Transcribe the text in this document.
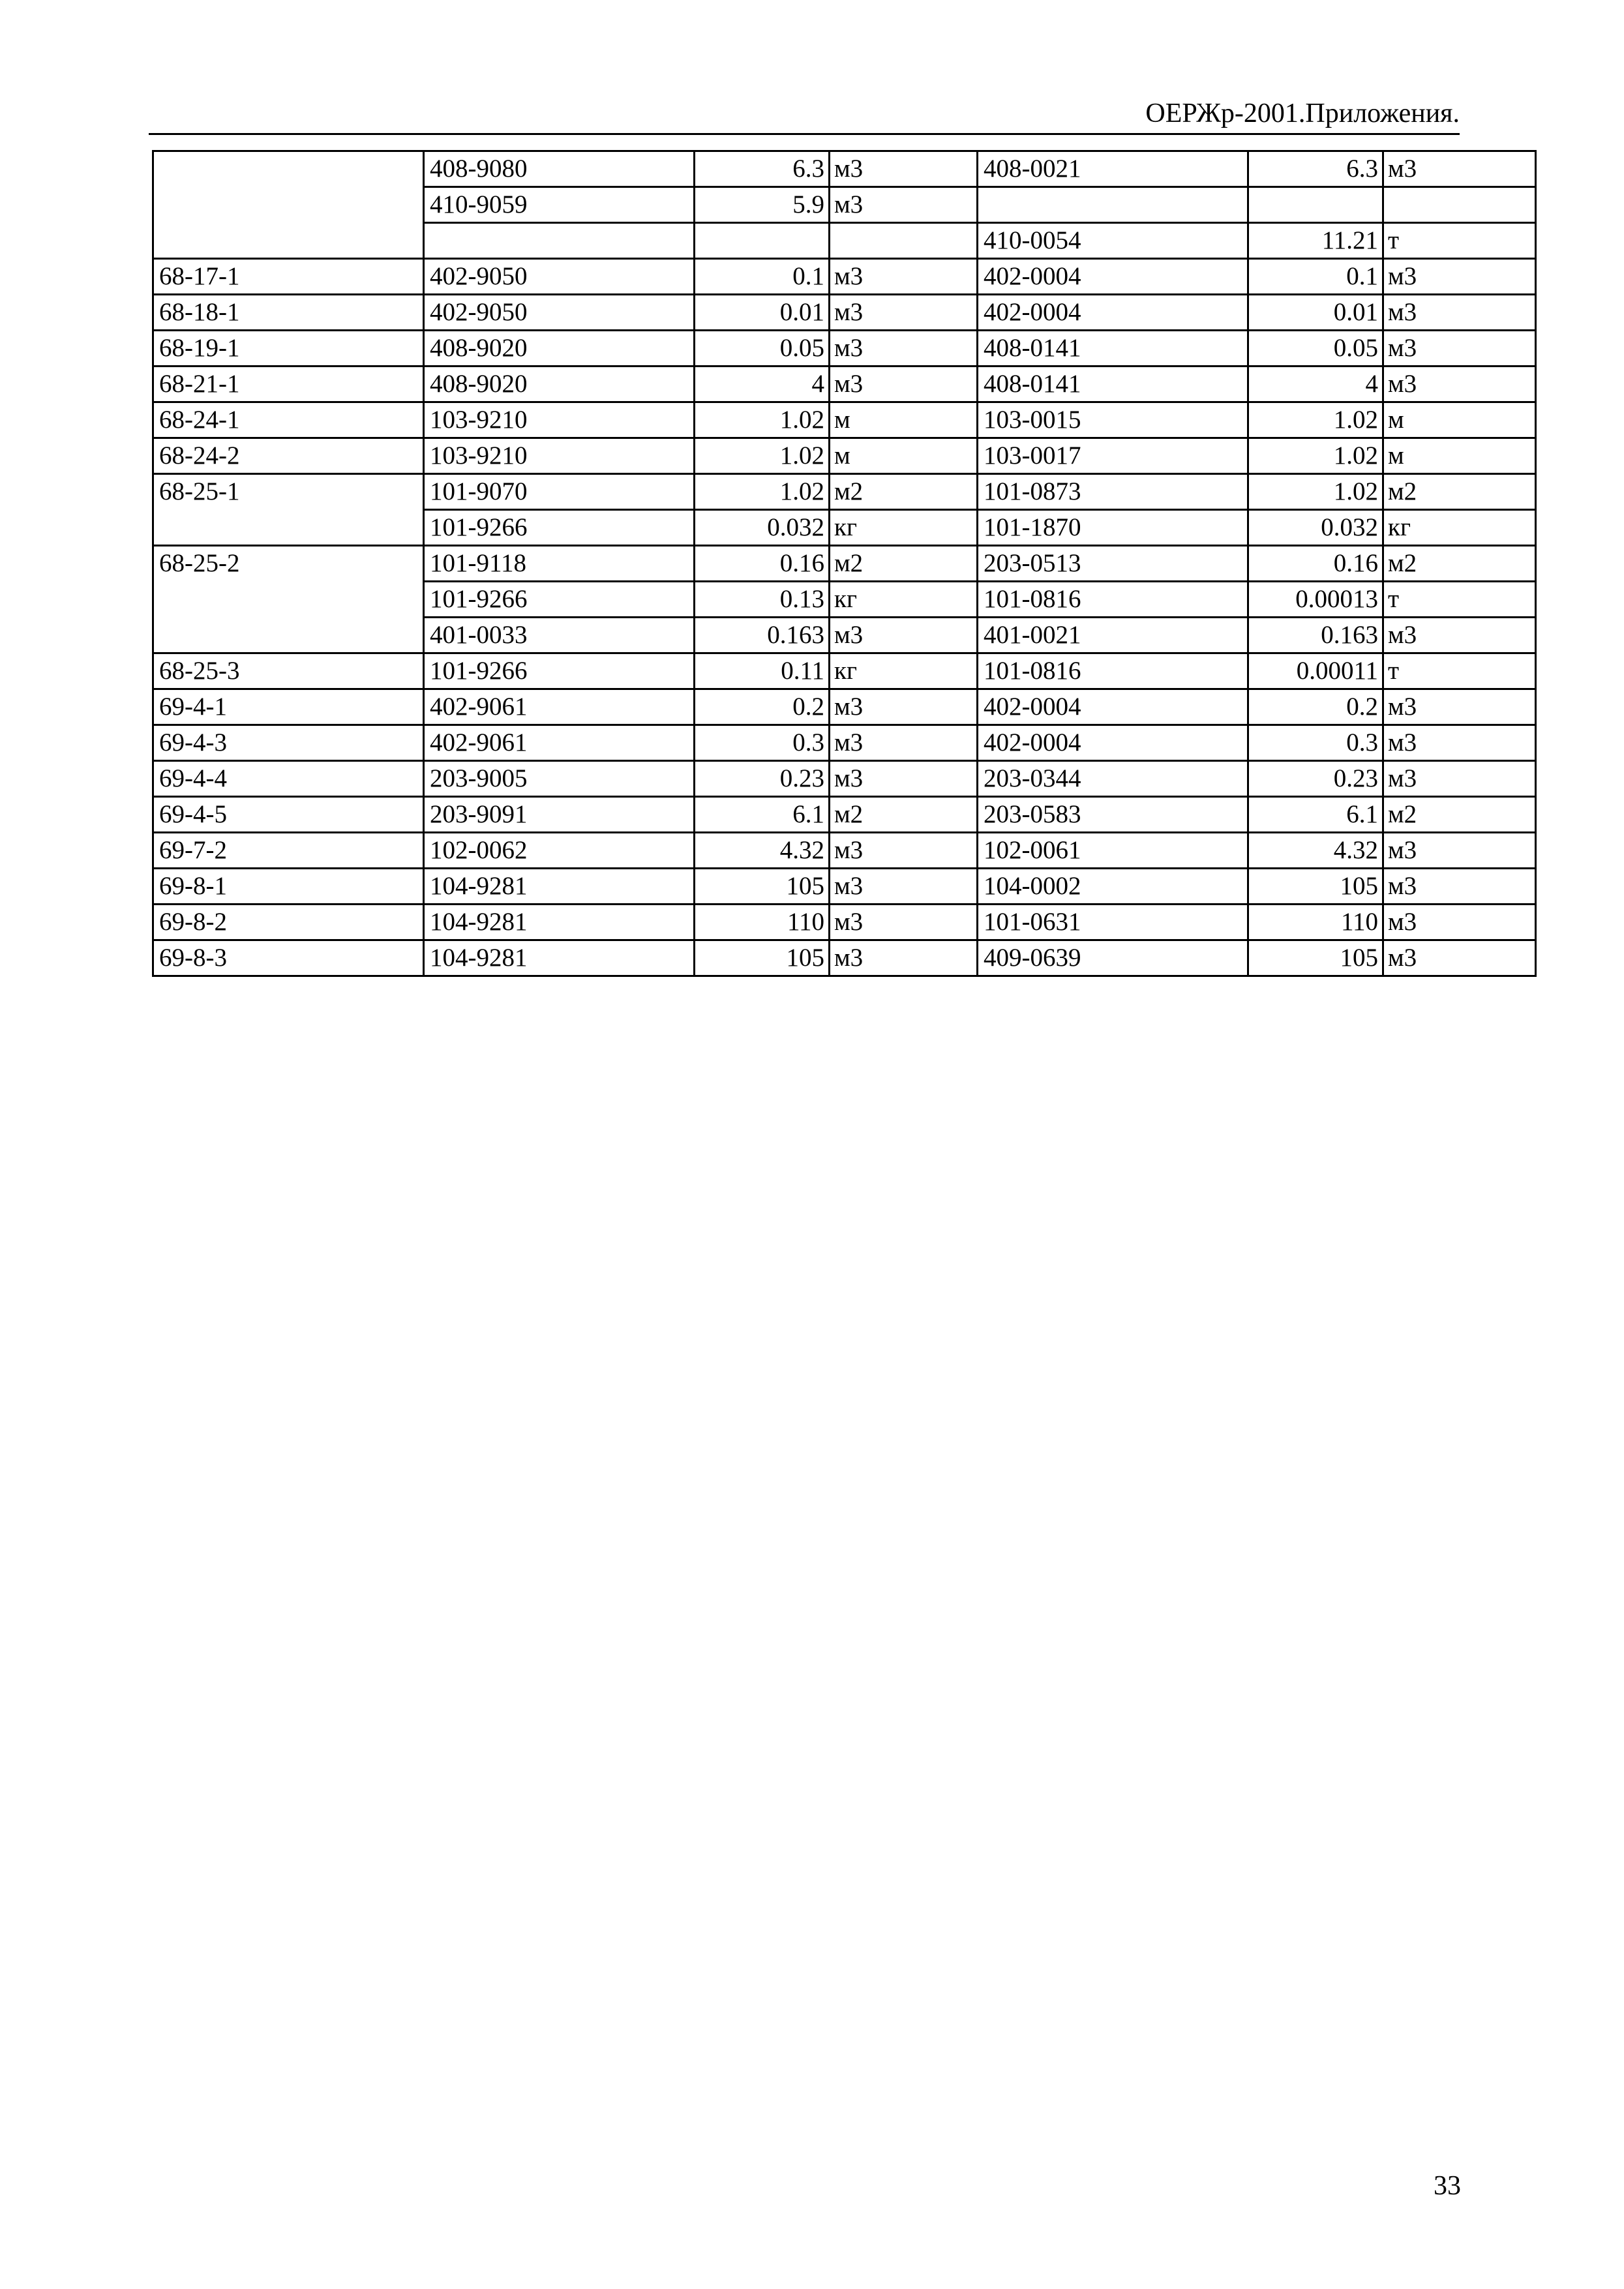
ОЕРЖр-2001.Приложения.
	408-9080	6.3	м3	408-0021	6.3	м3
	410-9059	5.9	м3			
				410-0054	11.21	т
68-17-1	402-9050	0.1	м3	402-0004	0.1	м3
68-18-1	402-9050	0.01	м3	402-0004	0.01	м3
68-19-1	408-9020	0.05	м3	408-0141	0.05	м3
68-21-1	408-9020	4	м3	408-0141	4	м3
68-24-1	103-9210	1.02	м	103-0015	1.02	м
68-24-2	103-9210	1.02	м	103-0017	1.02	м
68-25-1	101-9070	1.02	м2	101-0873	1.02	м2
	101-9266	0.032	кг	101-1870	0.032	кг
68-25-2	101-9118	0.16	м2	203-0513	0.16	м2
	101-9266	0.13	кг	101-0816	0.00013	т
	401-0033	0.163	м3	401-0021	0.163	м3
68-25-3	101-9266	0.11	кг	101-0816	0.00011	т
69-4-1	402-9061	0.2	м3	402-0004	0.2	м3
69-4-3	402-9061	0.3	м3	402-0004	0.3	м3
69-4-4	203-9005	0.23	м3	203-0344	0.23	м3
69-4-5	203-9091	6.1	м2	203-0583	6.1	м2
69-7-2	102-0062	4.32	м3	102-0061	4.32	м3
69-8-1	104-9281	105	м3	104-0002	105	м3
69-8-2	104-9281	110	м3	101-0631	110	м3
69-8-3	104-9281	105	м3	409-0639	105	м3
33
